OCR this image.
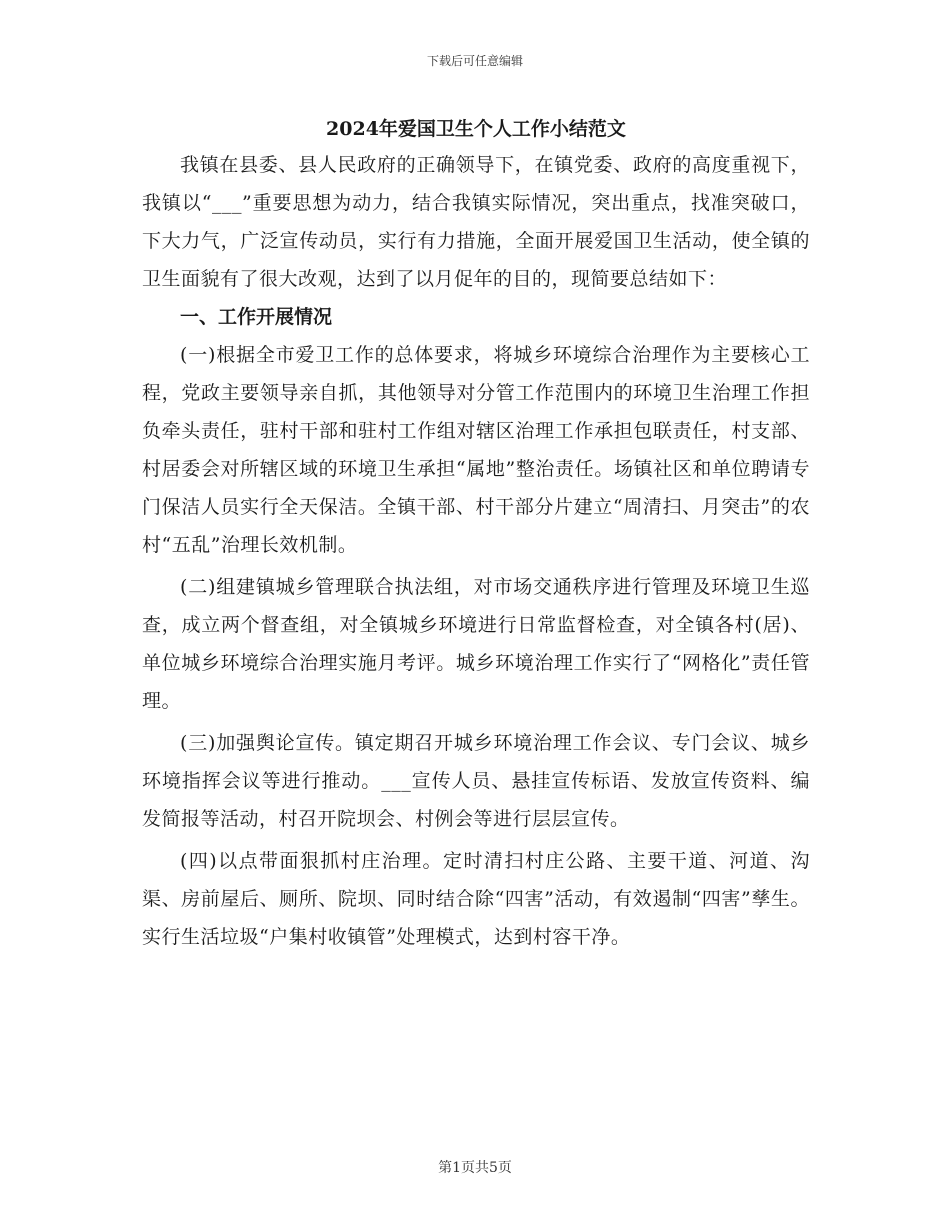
下载后可任意编辑
2024年爱国卫生个人工作小结范文

我镇在县委、县人民政府的正确领导下，在镇党委、政府的高度重视下，我镇以“___”重要思想为动力，结合我镇实际情况，突出重点，找准突破口，下大力气，广泛宣传动员，实行有力措施，全面开展爱国卫生活动，使全镇的卫生面貌有了很大改观，达到了以月促年的目的，现简要总结如下：

一、工作开展情况

(一)根据全市爱卫工作的总体要求，将城乡环境综合治理作为主要核心工程，党政主要领导亲自抓，其他领导对分管工作范围内的环境卫生治理工作担负牵头责任，驻村干部和驻村工作组对辖区治理工作承担包联责任，村支部、村居委会对所辖区域的环境卫生承担“属地”整治责任。场镇社区和单位聘请专门保洁人员实行全天保洁。全镇干部、村干部分片建立“周清扫、月突击”的农村“五乱”治理长效机制。

(二)组建镇城乡管理联合执法组，对市场交通秩序进行管理及环境卫生巡查，成立两个督查组，对全镇城乡环境进行日常监督检查，对全镇各村(居)、单位城乡环境综合治理实施月考评。城乡环境治理工作实行了“网格化”责任管理。

(三)加强舆论宣传。镇定期召开城乡环境治理工作会议、专门会议、城乡环境指挥会议等进行推动。___宣传人员、悬挂宣传标语、发放宣传资料、编发简报等活动，村召开院坝会、村例会等进行层层宣传。

(四)以点带面狠抓村庄治理。定时清扫村庄公路、主要干道、河道、沟渠、房前屋后、厕所、院坝、同时结合除“四害”活动，有效遏制“四害”孳生。实行生活垃圾“户集村收镇管”处理模式，达到村容干净。

第1页共5页
